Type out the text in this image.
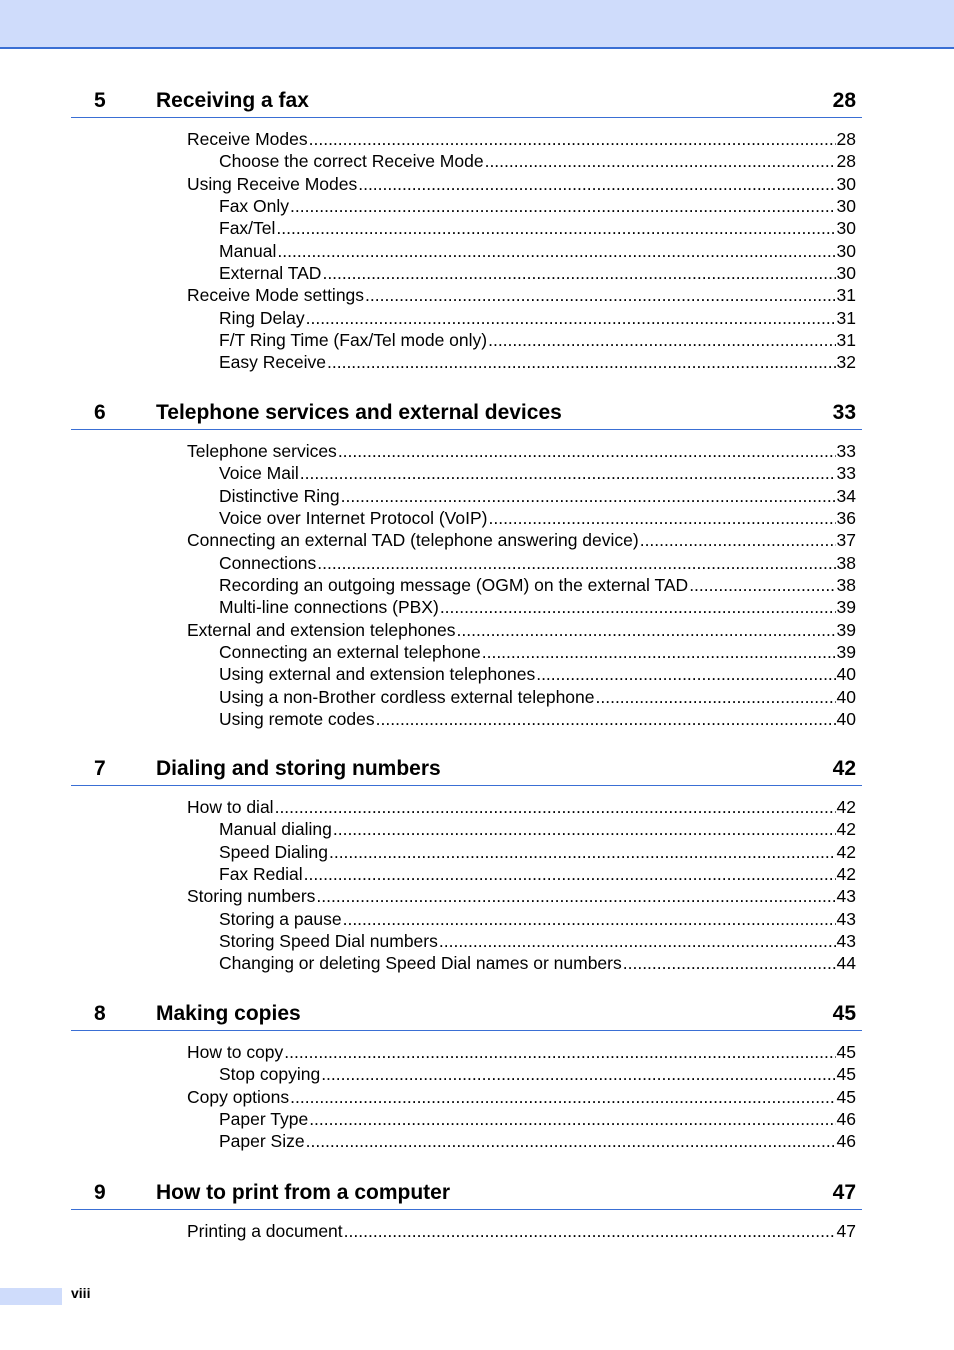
5 Receiving a fax	28
Receive Modes .....	28
Choose the correct Receive Mode .....	28
Using Receive Modes .....	30
Fax Only .....	30
Fax/Tel .....	30
Manual .....	30
External TAD .....	30
Receive Mode settings .....	31
Ring Delay .....	31
F/T Ring Time (Fax/Tel mode only) .....	31
Easy Receive .....	32
6 Telephone services and external devices	33
Telephone services .....	33
Voice Mail .....	33
Distinctive Ring .....	34
Voice over Internet Protocol (VoIP) .....	36
Connecting an external TAD (telephone answering device) .....	37
Connections .....	38
Recording an outgoing message (OGM) on the external TAD .....	38
Multi-line connections (PBX) .....	39
External and extension telephones .....	39
Connecting an external telephone .....	39
Using external and extension telephones .....	40
Using a non-Brother cordless external telephone .....	40
Using remote codes .....	40
7 Dialing and storing numbers	42
How to dial .....	42
Manual dialing .....	42
Speed Dialing .....	42
Fax Redial .....	42
Storing numbers .....	43
Storing a pause .....	43
Storing Speed Dial numbers .....	43
Changing or deleting Speed Dial names or numbers .....	44
8 Making copies	45
How to copy .....	45
Stop copying .....	45
Copy options .....	45
Paper Type .....	46
Paper Size .....	46
9 How to print from a computer	47
Printing a document .....	47
viii
